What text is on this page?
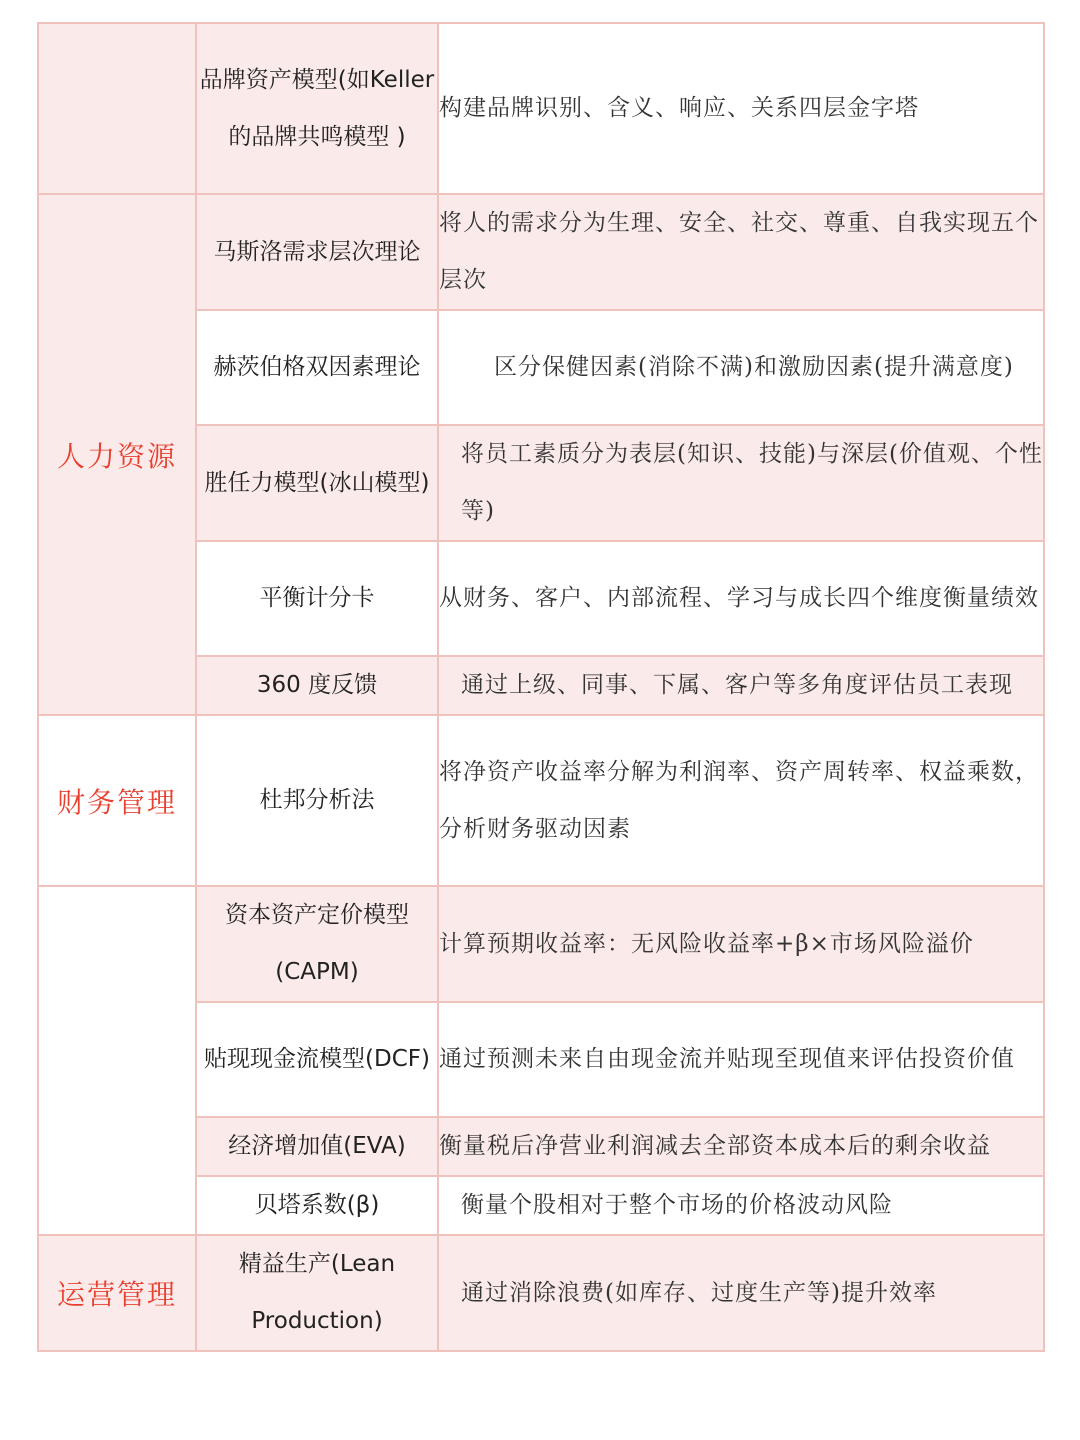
	品牌资产模型(如Keller 的品牌共鸣模型 )	构建品牌识别、含义、响应、关系四层金字塔
人力资源	马斯洛需求层次理论	将人的需求分为生理、安全、社交、尊重、自我实现五个层次
	赫茨伯格双因素理论	区分保健因素(消除不满)和激励因素(提升满意度)
	胜任力模型(冰山模型)	将员工素质分为表层(知识、技能)与深层(价值观、个性等)
	平衡计分卡	从财务、客户、内部流程、学习与成长四个维度衡量绩效
	360 度反馈	通过上级、同事、下属、客户等多角度评估员工表现
财务管理	杜邦分析法	将净资产收益率分解为利润率、资产周转率、权益乘数，
分析财务驱动因素
	资本资产定价模型(CAPM)	计算预期收益率：无风险收益率+β×市场风险溢价
	贴现现金流模型(DCF)	通过预测未来自由现金流并贴现至现值来评估投资价值
	经济增加值(EVA)	衡量税后净营业利润减去全部资本成本后的剩余收益
	贝塔系数(β)	衡量个股相对于整个市场的价格波动风险
运营管理	精益生产(Lean Production)	通过消除浪费(如库存、过度生产等)提升效率
